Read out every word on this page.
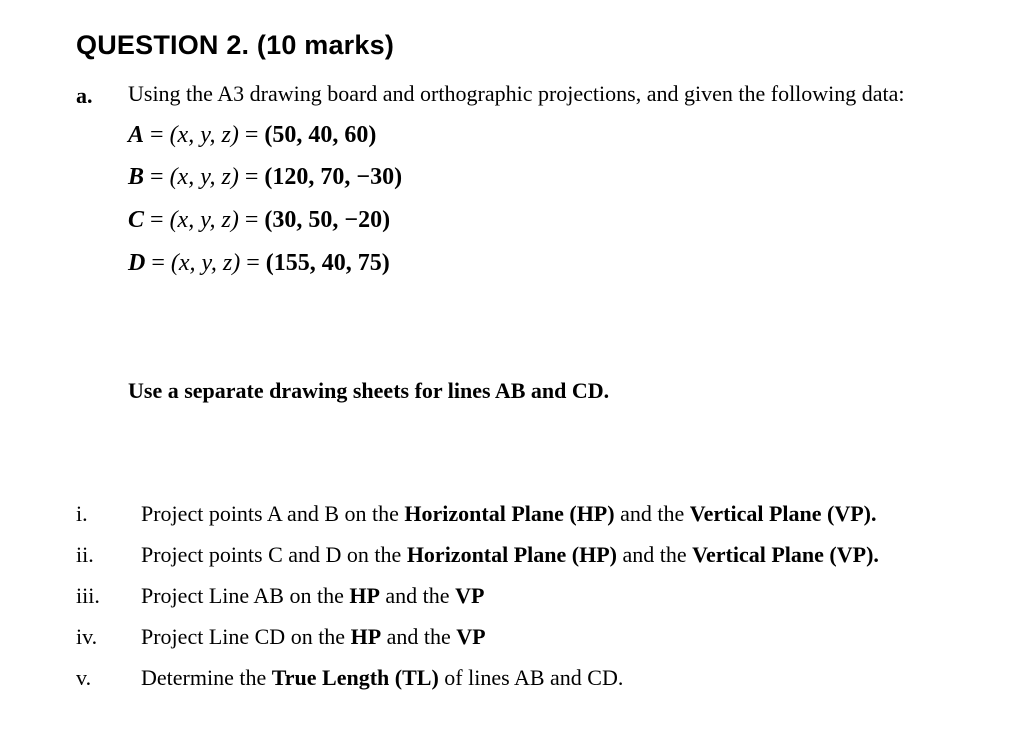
QUESTION 2. (10 marks)
a. Using the A3 drawing board and orthographic projections, and given the following data:
A = (x, y, z) = (50, 40, 60)
B = (x, y, z) = (120, 70, −30)
C = (x, y, z) = (30, 50, −20)
D = (x, y, z) = (155, 40, 75)
Use a separate drawing sheets for lines AB and CD.
i. Project points A and B on the Horizontal Plane (HP) and the Vertical Plane (VP).
ii. Project points C and D on the Horizontal Plane (HP) and the Vertical Plane (VP).
iii. Project Line AB on the HP and the VP
iv. Project Line CD on the HP and the VP
v. Determine the True Length (TL) of lines AB and CD.
